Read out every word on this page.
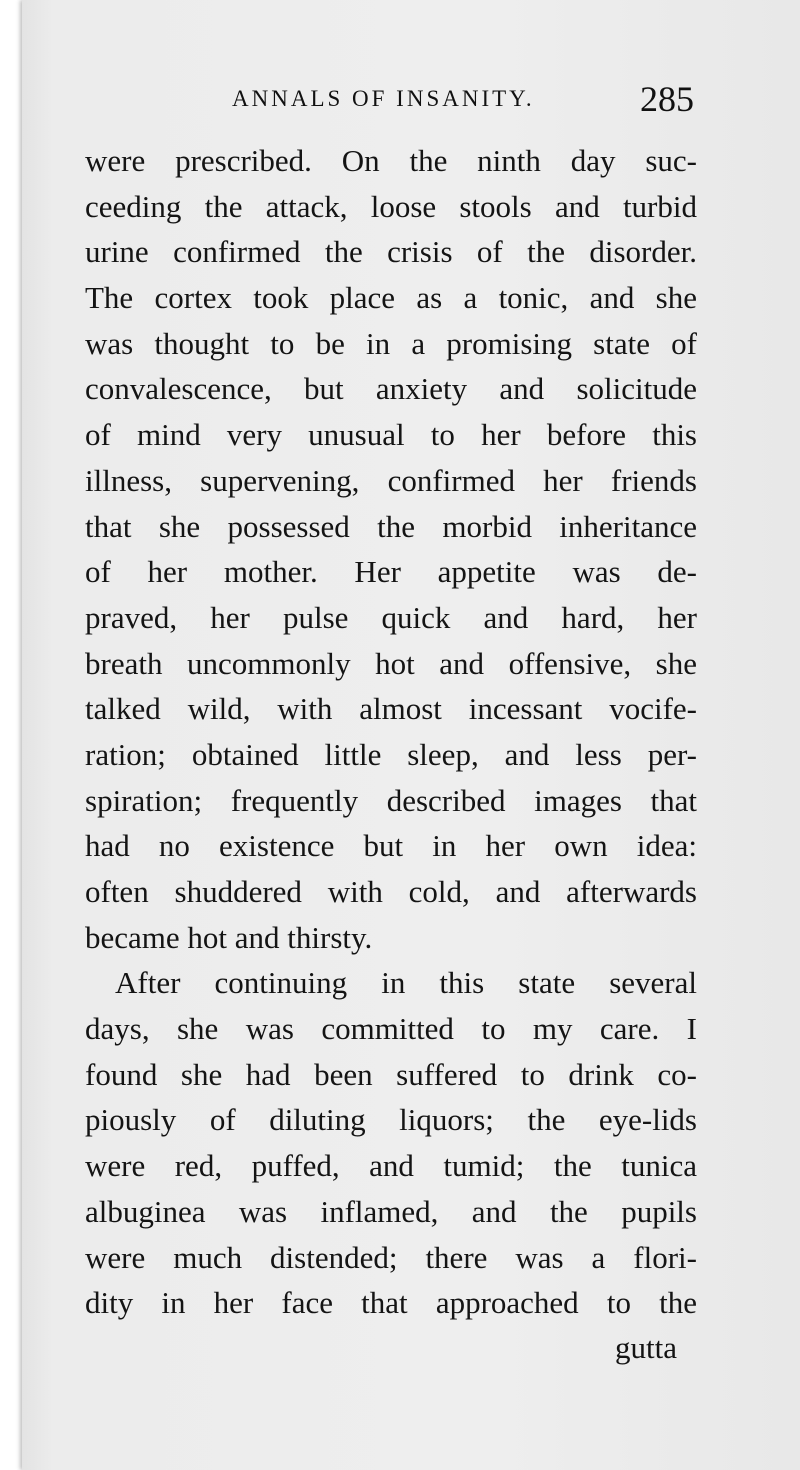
ANNALS OF INSANITY.	285
were prescribed. On the ninth day suc-
ceeding the attack, loose stools and turbid
urine confirmed the crisis of the disorder.
The cortex took place as a tonic, and she
was thought to be in a promising state of
convalescence, but anxiety and solicitude
of mind very unusual to her before this
illness, supervening, confirmed her friends
that she possessed the morbid inheritance
of her mother. Her appetite was de-
praved, her pulse quick and hard, her
breath uncommonly hot and offensive, she
talked wild, with almost incessant vocife-
ration; obtained little sleep, and less per-
spiration; frequently described images that
had no existence but in her own idea:
often shuddered with cold, and afterwards
became hot and thirsty.
After continuing in this state several
days, she was committed to my care. I
found she had been suffered to drink co-
piously of diluting liquors; the eye-lids
were red, puffed, and tumid; the tunica
albuginea was inflamed, and the pupils
were much distended; there was a flori-
dity in her face that approached to the
gutta
